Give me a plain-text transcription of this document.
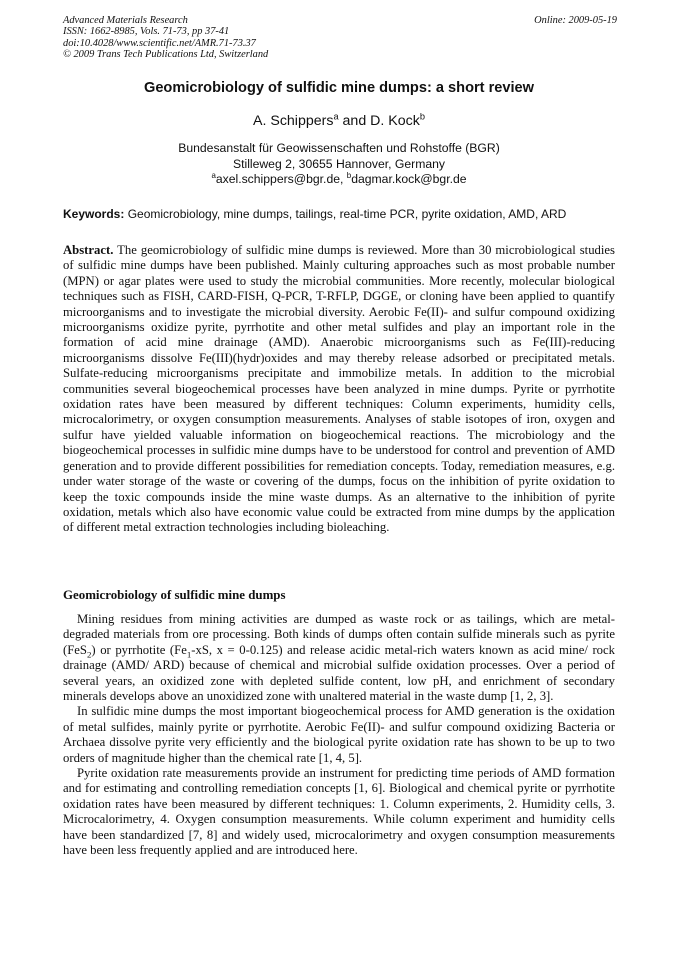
Advanced Materials Research
ISSN: 1662-8985, Vols. 71-73, pp 37-41
doi:10.4028/www.scientific.net/AMR.71-73.37
© 2009 Trans Tech Publications Ltd, Switzerland
Online: 2009-05-19
Geomicrobiology of sulfidic mine dumps: a short review
A. Schippers$^a$ and D. Kock$^b$
Bundesanstalt für Geowissenschaften und Rohstoffe (BGR)
Stilleweg 2, 30655 Hannover, Germany
$^a$axel.schippers@bgr.de, $^b$dagmar.kock@bgr.de
Keywords: Geomicrobiology, mine dumps, tailings, real-time PCR, pyrite oxidation, AMD, ARD
Abstract. The geomicrobiology of sulfidic mine dumps is reviewed. More than 30 microbiological studies of sulfidic mine dumps have been published. Mainly culturing approaches such as most probable number (MPN) or agar plates were used to study the microbial communities. More recently, molecular biological techniques such as FISH, CARD-FISH, Q-PCR, T-RFLP, DGGE, or cloning have been applied to quantify microorganisms and to investigate the microbial diversity. Aerobic Fe(II)- and sulfur compound oxidizing microorganisms oxidize pyrite, pyrrhotite and other metal sulfides and play an important role in the formation of acid mine drainage (AMD). Anaerobic microorganisms such as Fe(III)-reducing microorganisms dissolve Fe(III)(hydr)oxides and may thereby release adsorbed or precipitated metals. Sulfate-reducing microorganisms precipitate and immobilize metals. In addition to the microbial communities several biogeochemical processes have been analyzed in mine dumps. Pyrite or pyrrhotite oxidation rates have been measured by different techniques: Column experiments, humidity cells, microcalorimetry, or oxygen consumption measurements. Analyses of stable isotopes of iron, oxygen and sulfur have yielded valuable information on biogeochemical reactions. The microbiology and the biogeochemical processes in sulfidic mine dumps have to be understood for control and prevention of AMD generation and to provide different possibilities for remediation concepts. Today, remediation measures, e.g. under water storage of the waste or covering of the dumps, focus on the inhibition of pyrite oxidation to keep the toxic compounds inside the mine waste dumps. As an alternative to the inhibition of pyrite oxidation, metals which also have economic value could be extracted from mine dumps by the application of different metal extraction technologies including bioleaching.
Geomicrobiology of sulfidic mine dumps

Mining residues from mining activities are dumped as waste rock or as tailings, which are metal-degraded materials from ore processing. Both kinds of dumps often contain sulfide minerals such as pyrite (FeS$_2$) or pyrrhotite ($Fe_1-xS$, x = 0-0.125) and release acidic metal-rich waters known as acid mine/ rock drainage (AMD/ ARD) because of chemical and microbial sulfide oxidation processes. Over a period of several years, an oxidized zone with depleted sulfide content, low pH, and enrichment of secondary minerals develops above an unoxidized zone with unaltered material in the waste dump [1, 2, 3].

In sulfidic mine dumps the most important biogeochemical process for AMD generation is the oxidation of metal sulfides, mainly pyrite or pyrrhotite. Aerobic Fe(II)- and sulfur compound oxidizing Bacteria or Archaea dissolve pyrite very efficiently and the biological pyrite oxidation rate has shown to be up to two orders of magnitude higher than the chemical rate [1, 4, 5].

Pyrite oxidation rate measurements provide an instrument for predicting time periods of AMD formation and for estimating and controlling remediation concepts [1, 6]. Biological and chemical pyrite or pyrrhotite oxidation rates have been measured by different techniques: 1. Column experiments, 2. Humidity cells, 3. Microcalorimetry, 4. Oxygen consumption measurements. While column experiment and humidity cells have been standardized [7, 8] and widely used, microcalorimetry and oxygen consumption measurements have been less frequently applied and are introduced here.
